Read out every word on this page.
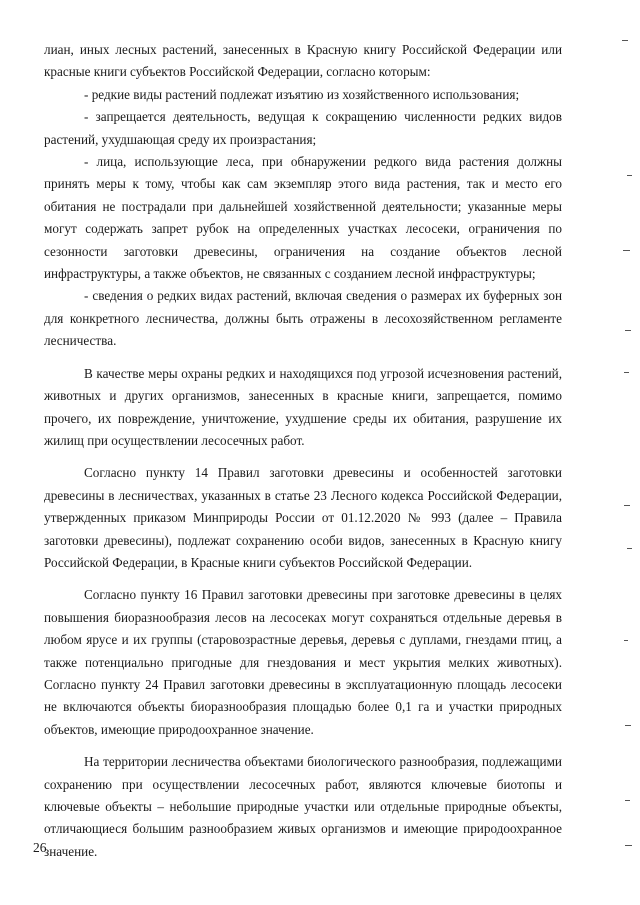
лиан, иных лесных растений, занесенных в Красную книгу Российской Федерации или красные книги субъектов Российской Федерации, согласно которым:

- редкие виды растений подлежат изъятию из хозяйственного использования;

- запрещается деятельность, ведущая к сокращению численности редких видов растений, ухудшающая среду их произрастания;

- лица, использующие леса, при обнаружении редкого вида растения должны принять меры к тому, чтобы как сам экземпляр этого вида растения, так и место его обитания не пострадали при дальнейшей хозяйственной деятельности; указанные меры могут содержать запрет рубок на определенных участках лесосеки, ограничения по сезонности заготовки древесины, ограничения на создание объектов лесной инфраструктуры, а также объектов, не связанных с созданием лесной инфраструктуры;

- сведения о редких видах растений, включая сведения о размерах их буферных зон для конкретного лесничества, должны быть отражены в лесохозяйственном регламенте лесничества.

В качестве меры охраны редких и находящихся под угрозой исчезновения растений, животных и других организмов, занесенных в красные книги, запрещается, помимо прочего, их повреждение, уничтожение, ухудшение среды их обитания, разрушение их жилищ при осуществлении лесосечных работ.

Согласно пункту 14 Правил заготовки древесины и особенностей заготовки древесины в лесничествах, указанных в статье 23 Лесного кодекса Российской Федерации, утвержденных приказом Минприроды России от 01.12.2020 № 993 (далее – Правила заготовки древесины), подлежат сохранению особи видов, занесенных в Красную книгу Российской Федерации, в Красные книги субъектов Российской Федерации.

Согласно пункту 16 Правил заготовки древесины при заготовке древесины в целях повышения биоразнообразия лесов на лесосеках могут сохраняться отдельные деревья в любом ярусе и их группы (старовозрастные деревья, деревья с дуплами, гнездами птиц, а также потенциально пригодные для гнездования и мест укрытия мелких животных). Согласно пункту 24 Правил заготовки древесины в эксплуатационную площадь лесосеки не включаются объекты биоразнообразия площадью более 0,1 га и участки природных объектов, имеющие природоохранное значение.

На территории лесничества объектами биологического разнообразия, подлежащими сохранению при осуществлении лесосечных работ, являются ключевые биотопы и ключевые объекты – небольшие природные участки или отдельные природные объекты, отличающиеся большим разнообразием живых организмов и имеющие природоохранное значение.

26
